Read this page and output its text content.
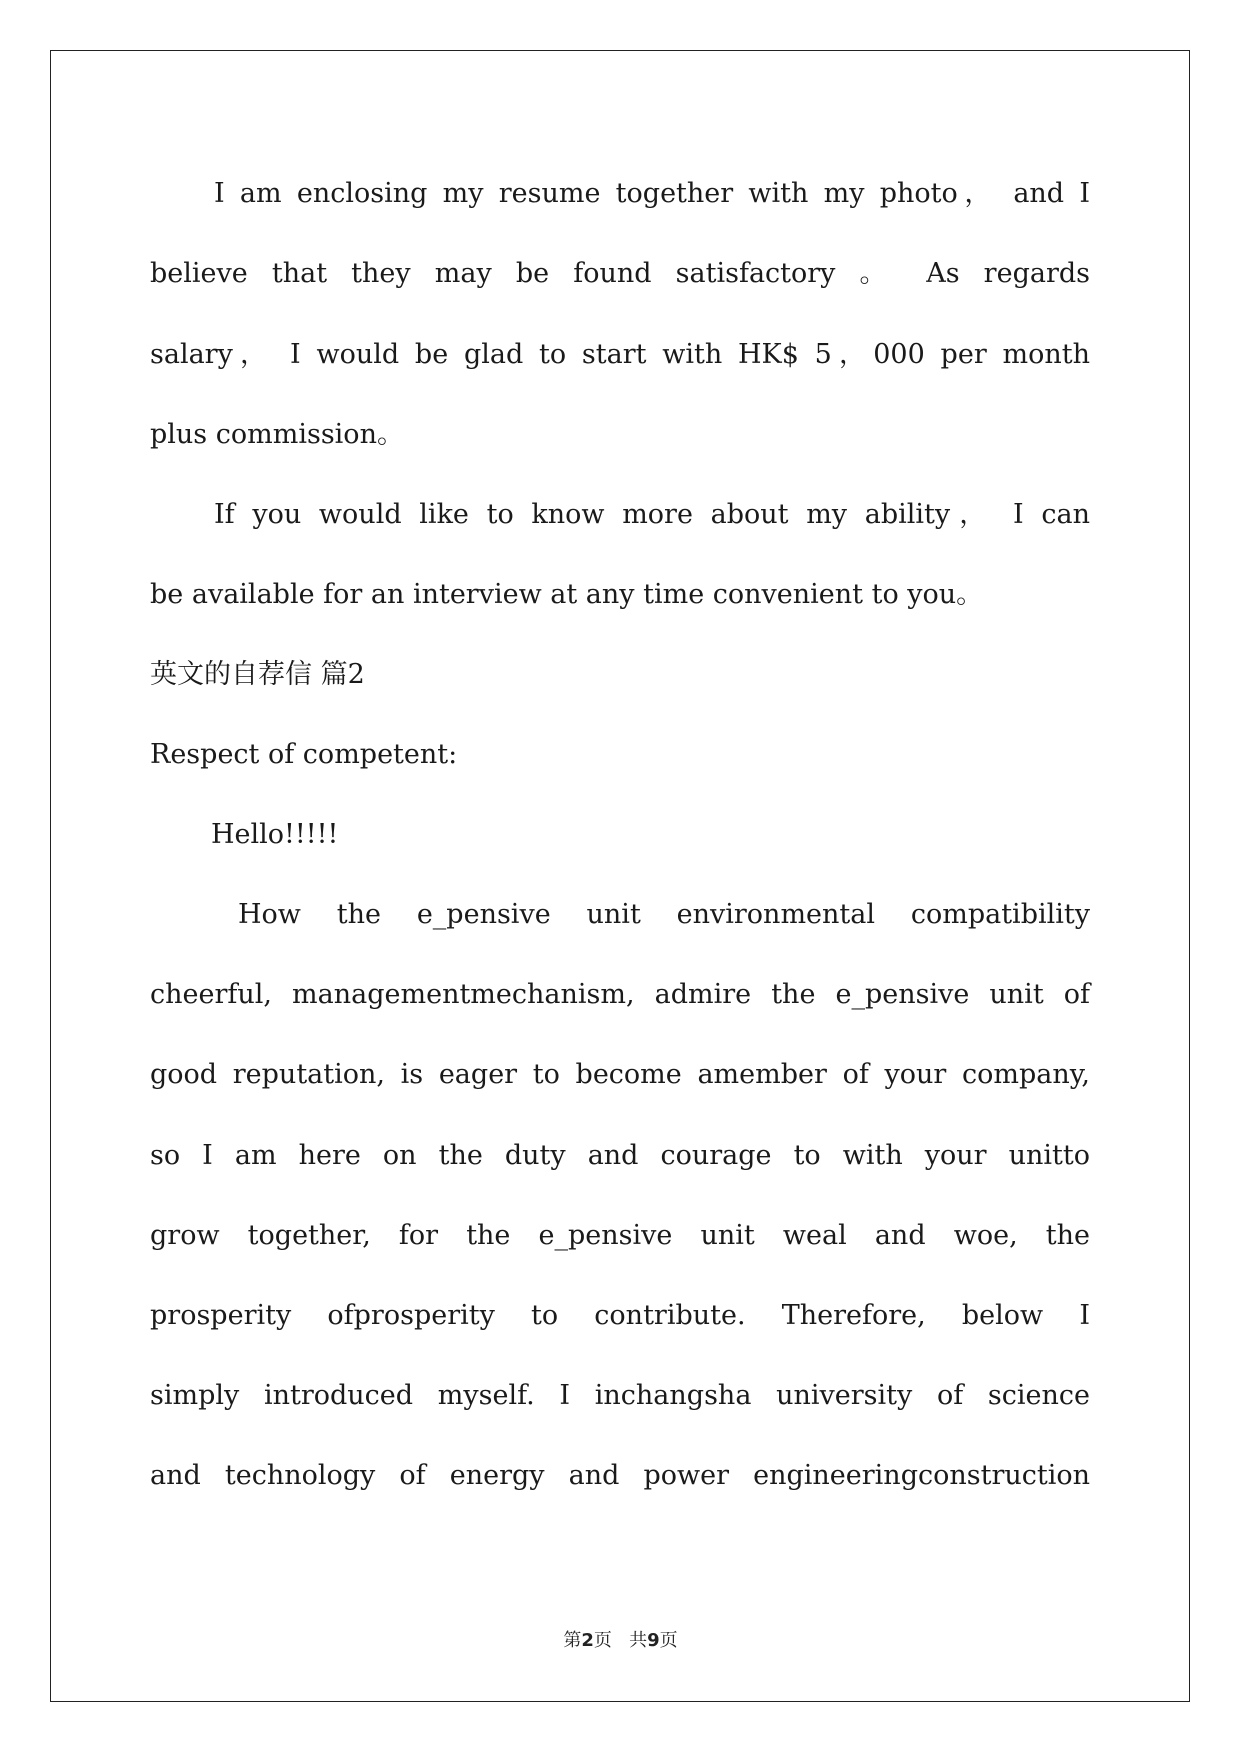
I am enclosing my resume together with my photo， and I
believe that they may be found satisfactory 。 As regards
salary， I would be glad to start with HK$ 5，000 per month
plus commission。
If you would like to know more about my ability， I can
be available for an interview at any time convenient to you。
英文的自荐信 篇2
Respect of competent:
Hello!!!!!
How the e_pensive unit environmental compatibility
cheerful, managementmechanism, admire the e_pensive unit of
good reputation, is eager to become amember of your company,
so I am here on the duty and courage to with your unitto
grow together, for the e_pensive unit weal and woe, the
prosperity ofprosperity to contribute. Therefore, below I
simply introduced myself. I inchangsha university of science
and technology of energy and power engineeringconstruction
第2页   共9页
